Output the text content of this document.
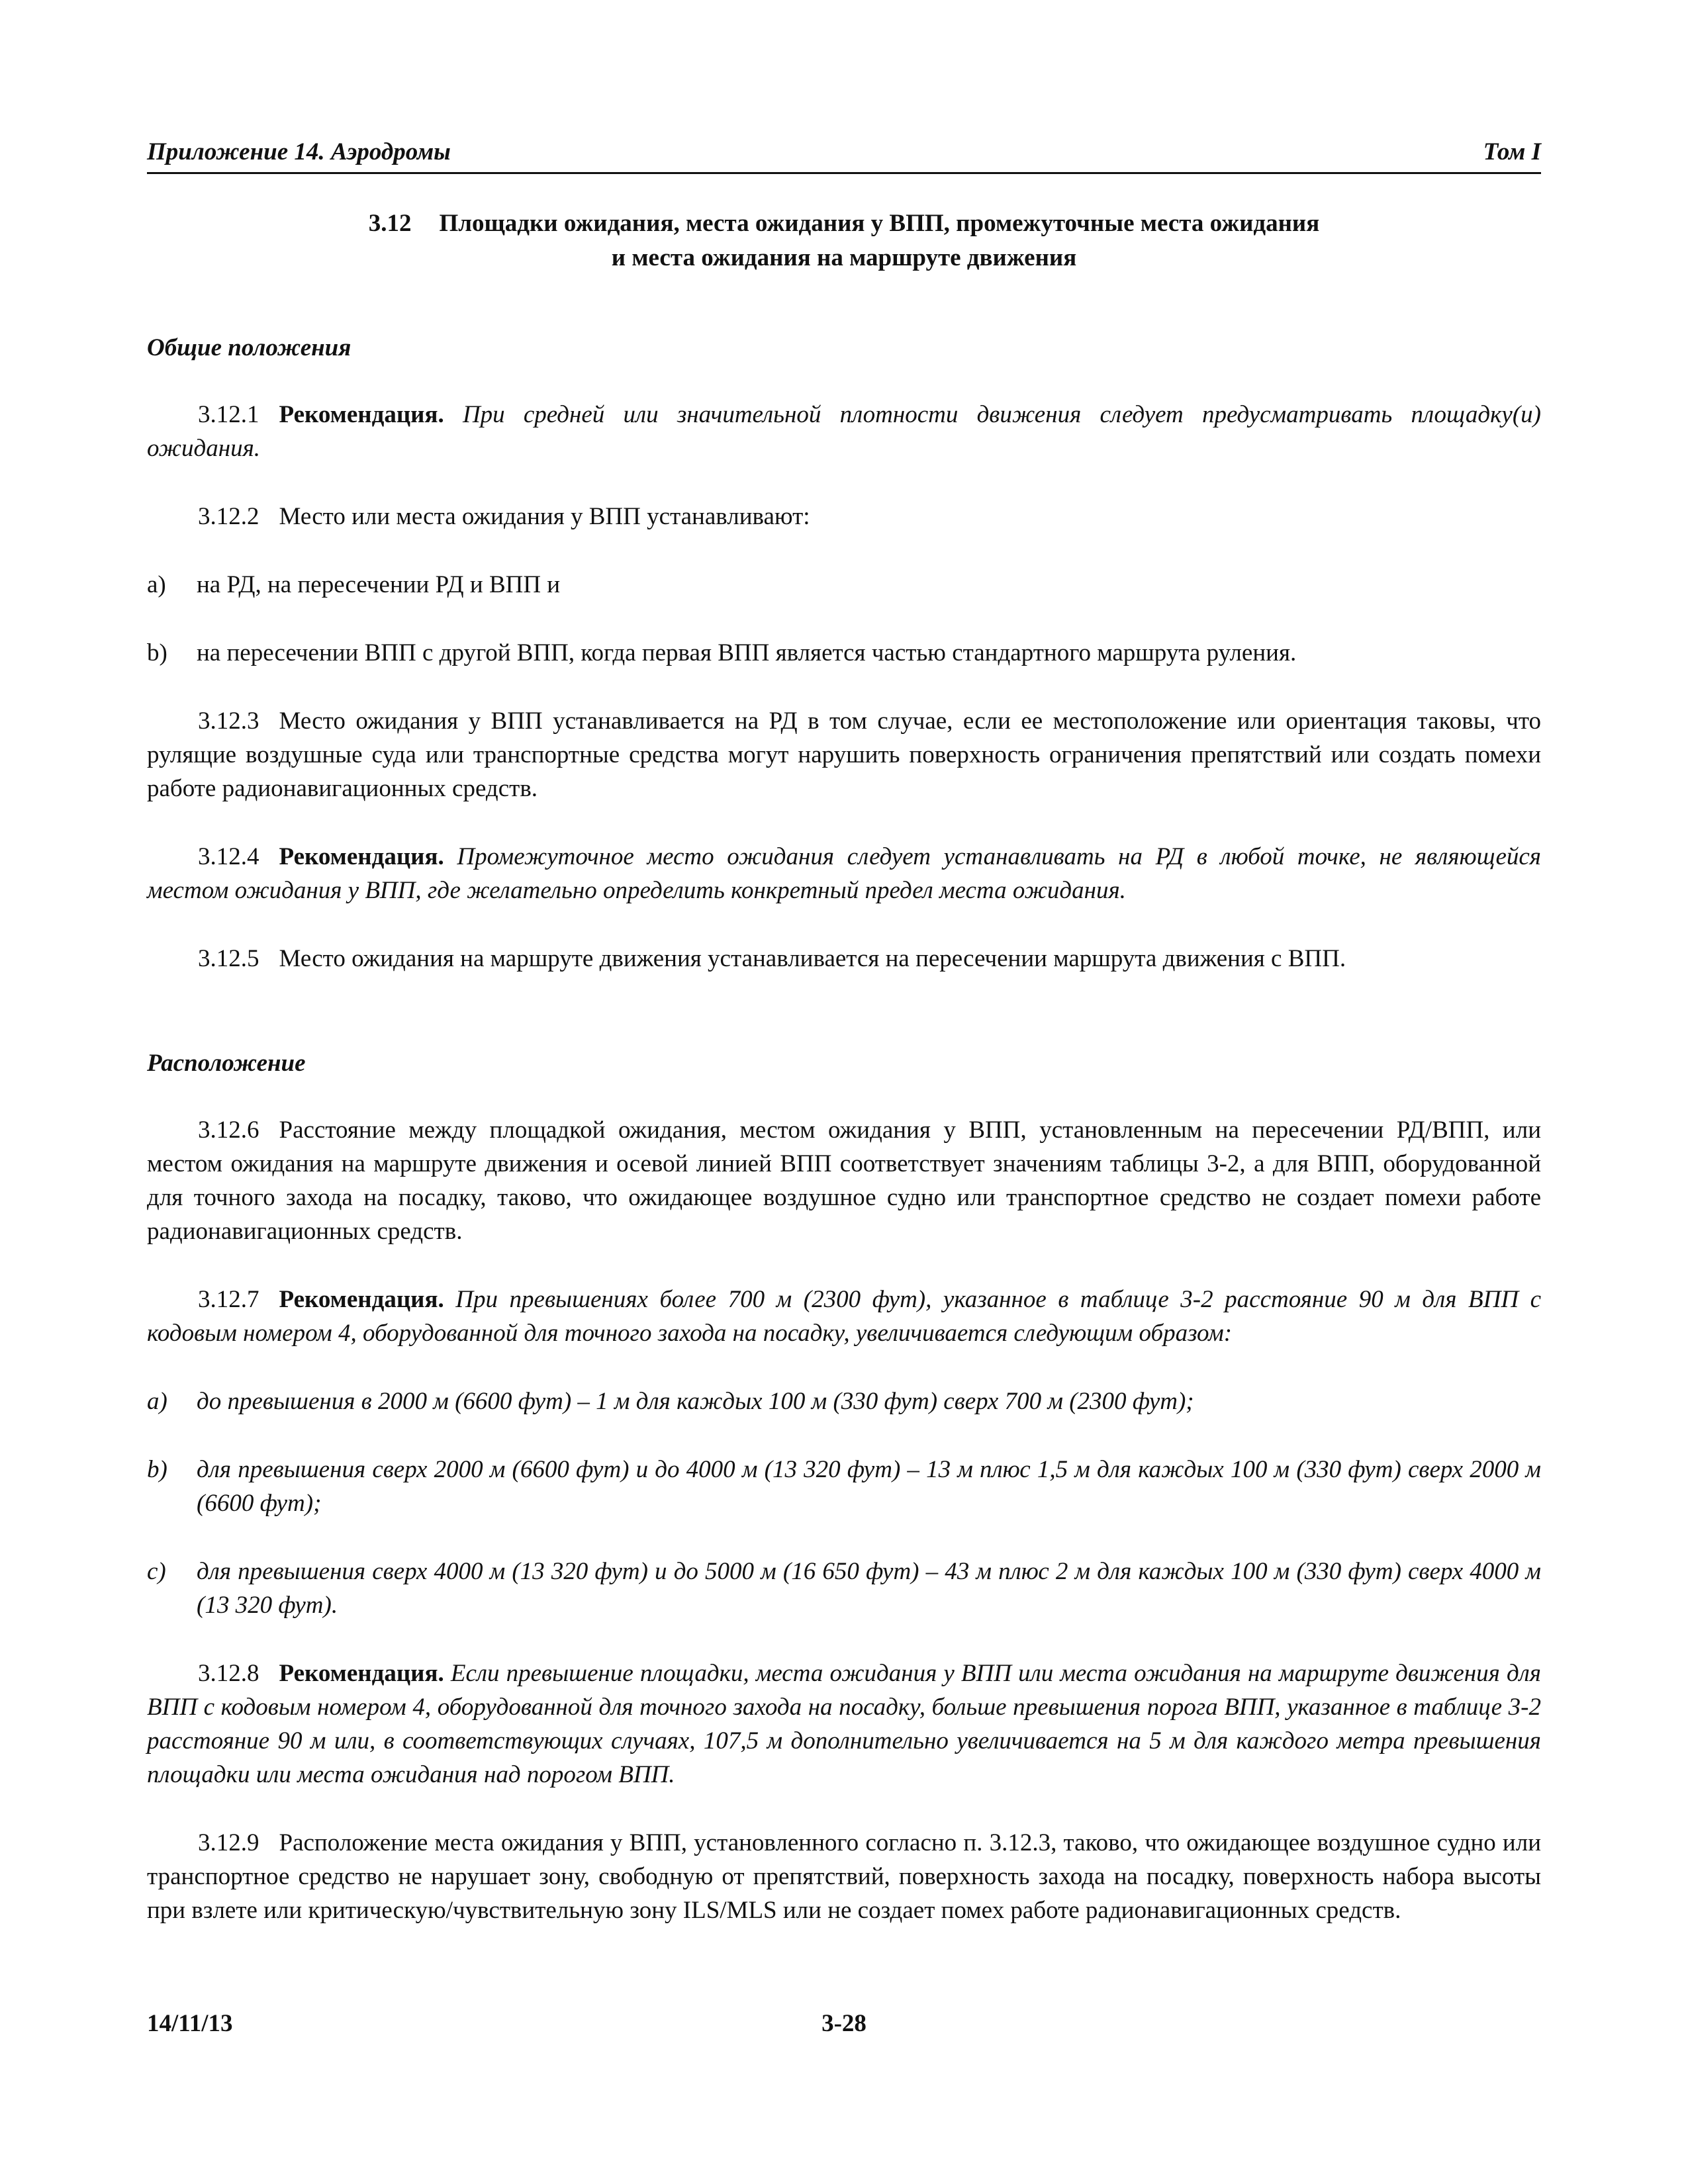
Приложение 14. Аэродромы	Том I
3.12 Площадки ожидания, места ожидания у ВПП, промежуточные места ожидания
и места ожидания на маршруте движения
Общие положения
3.12.1 Рекомендация. При средней или значительной плотности движения следует предусматривать площадку(и) ожидания.
3.12.2 Место или места ожидания у ВПП устанавливают:
a)	на РД, на пересечении РД и ВПП и
b)	на пересечении ВПП с другой ВПП, когда первая ВПП является частью стандартного маршрута руления.
3.12.3 Место ожидания у ВПП устанавливается на РД в том случае, если ее местоположение или ориентация таковы, что рулящие воздушные суда или транспортные средства могут нарушить поверхность ограничения препятствий или создать помехи работе радионавигационных средств.
3.12.4 Рекомендация. Промежуточное место ожидания следует устанавливать на РД в любой точке, не являющейся местом ожидания у ВПП, где желательно определить конкретный предел места ожидания.
3.12.5 Место ожидания на маршруте движения устанавливается на пересечении маршрута движения с ВПП.
Расположение
3.12.6 Расстояние между площадкой ожидания, местом ожидания у ВПП, установленным на пересечении РД/ВПП, или местом ожидания на маршруте движения и осевой линией ВПП соответствует значениям таблицы 3-2, а для ВПП, оборудованной для точного захода на посадку, таково, что ожидающее воздушное судно или транспортное средство не создает помехи работе радионавигационных средств.
3.12.7 Рекомендация. При превышениях более 700 м (2300 фут), указанное в таблице 3-2 расстояние 90 м для ВПП с кодовым номером 4, оборудованной для точного захода на посадку, увеличивается следующим образом:
a)	до превышения в 2000 м (6600 фут) – 1 м для каждых 100 м (330 фут) сверх 700 м (2300 фут);
b)	для превышения сверх 2000 м (6600 фут) и до 4000 м (13 320 фут) – 13 м плюс 1,5 м для каждых 100 м (330 фут) сверх 2000 м (6600 фут);
c)	для превышения сверх 4000 м (13 320 фут) и до 5000 м (16 650 фут) – 43 м плюс 2 м для каждых 100 м (330 фут) сверх 4000 м (13 320 фут).
3.12.8 Рекомендация. Если превышение площадки, места ожидания у ВПП или места ожидания на маршруте движения для ВПП с кодовым номером 4, оборудованной для точного захода на посадку, больше превышения порога ВПП, указанное в таблице 3-2 расстояние 90 м или, в соответствующих случаях, 107,5 м дополнительно увеличивается на 5 м для каждого метра превышения площадки или места ожидания над порогом ВПП.
3.12.9 Расположение места ожидания у ВПП, установленного согласно п. 3.12.3, таково, что ожидающее воздушное судно или транспортное средство не нарушает зону, свободную от препятствий, поверхность захода на посадку, поверхность набора высоты при взлете или критическую/чувствительную зону ILS/MLS или не создает помех работе радионавигационных средств.
14/11/13	3-28
